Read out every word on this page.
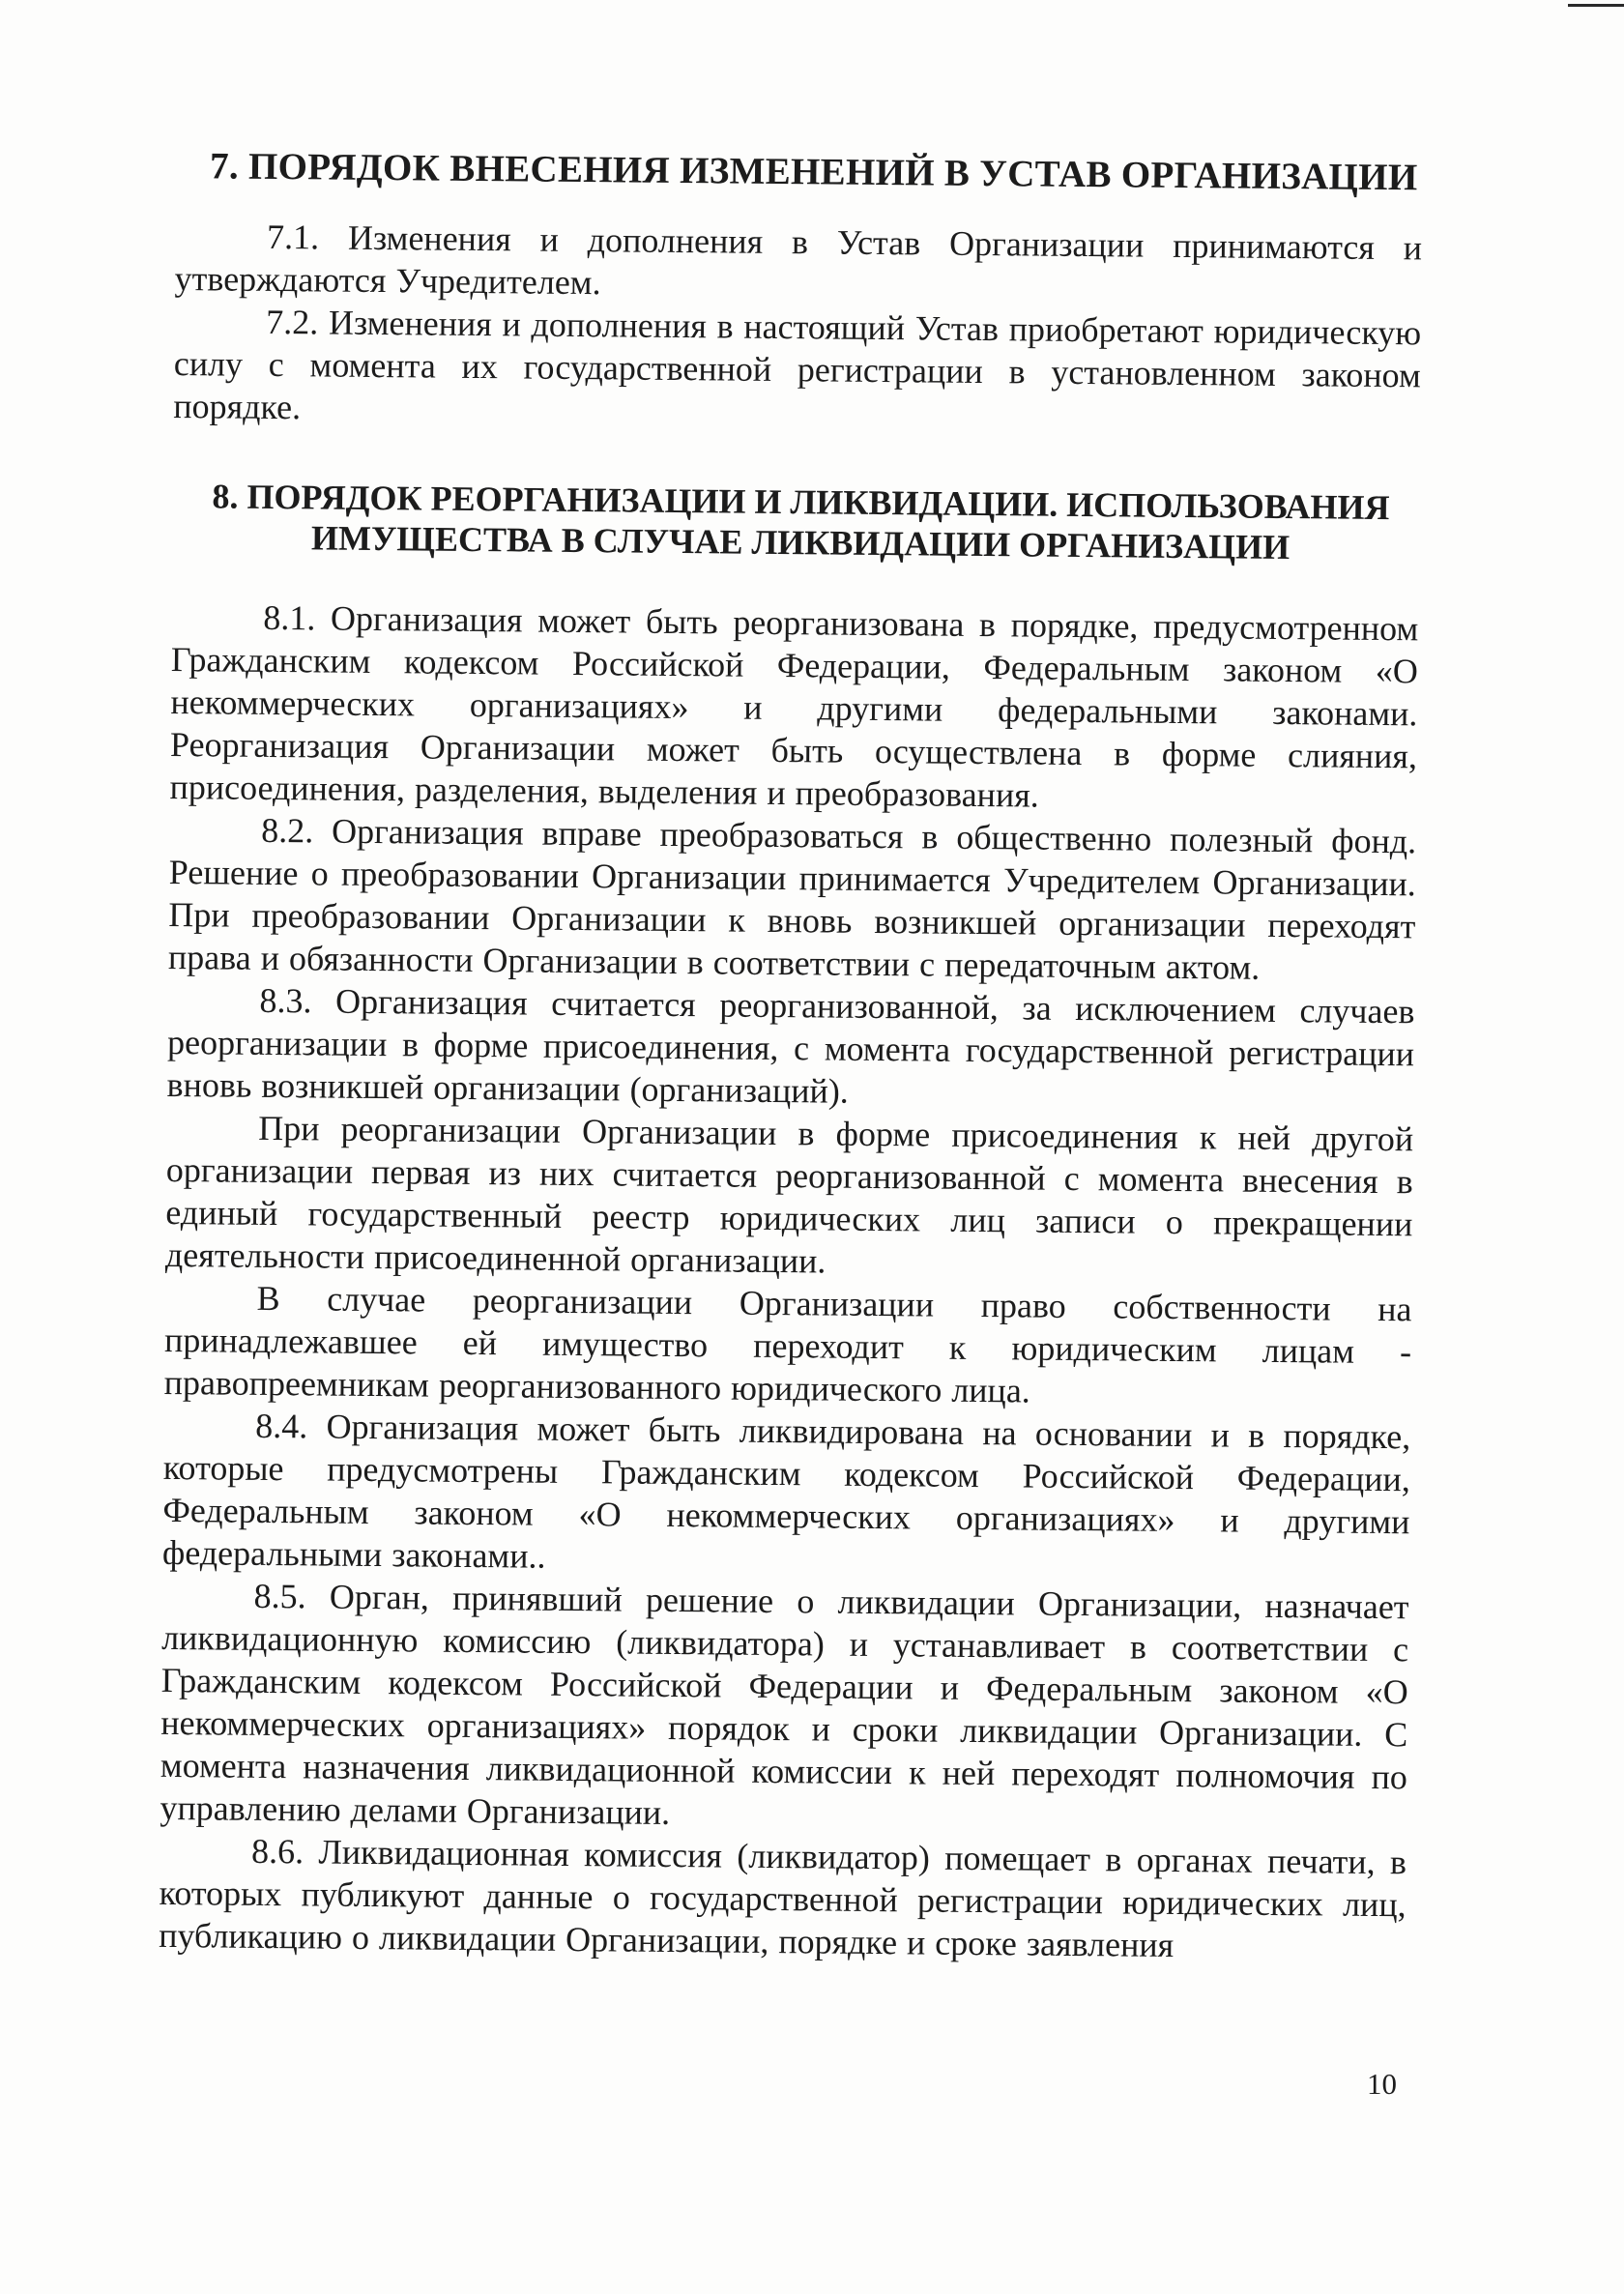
7. ПОРЯДОК ВНЕСЕНИЯ ИЗМЕНЕНИЙ В УСТАВ ОРГАНИЗАЦИИ

7.1. Изменения и дополнения в Устав Организации принимаются и утверждаются Учредителем.

7.2. Изменения и дополнения в настоящий Устав приобретают юридическую силу с момента их государственной регистрации в установленном законом порядке.

8. ПОРЯДОК РЕОРГАНИЗАЦИИ И ЛИКВИДАЦИИ. ИСПОЛЬЗОВАНИЯ ИМУЩЕСТВА В СЛУЧАЕ ЛИКВИДАЦИИ ОРГАНИЗАЦИИ

8.1. Организация может быть реорганизована в порядке, предусмотренном Гражданским кодексом Российской Федерации, Федеральным законом «О некоммерческих организациях» и другими федеральными законами. Реорганизация Организации может быть осуществлена в форме слияния, присоединения, разделения, выделения и преобразования.

8.2. Организация вправе преобразоваться в общественно полезный фонд. Решение о преобразовании Организации принимается Учредителем Организации. При преобразовании Организации к вновь возникшей организации переходят права и обязанности Организации в соответствии с передаточным актом.

8.3. Организация считается реорганизованной, за исключением случаев реорганизации в форме присоединения, с момента государственной регистрации вновь возникшей организации (организаций).

При реорганизации Организации в форме присоединения к ней другой организации первая из них считается реорганизованной с момента внесения в единый государственный реестр юридических лиц записи о прекращении деятельности присоединенной организации.

В случае реорганизации Организации право собственности на принадлежавшее ей имущество переходит к юридическим лицам - правопреемникам реорганизованного юридического лица.

8.4. Организация может быть ликвидирована на основании и в порядке, которые предусмотрены Гражданским кодексом Российской Федерации, Федеральным законом «О некоммерческих организациях» и другими федеральными законами..

8.5. Орган, принявший решение о ликвидации Организации, назначает ликвидационную комиссию (ликвидатора) и устанавливает в соответствии с Гражданским кодексом Российской Федерации и Федеральным законом «О некоммерческих организациях» порядок и сроки ликвидации Организации. С момента назначения ликвидационной комиссии к ней переходят полномочия по управлению делами Организации.

8.6. Ликвидационная комиссия (ликвидатор) помещает в органах печати, в которых публикуют данные о государственной регистрации юридических лиц, публикацию о ликвидации Организации, порядке и сроке заявления

10
